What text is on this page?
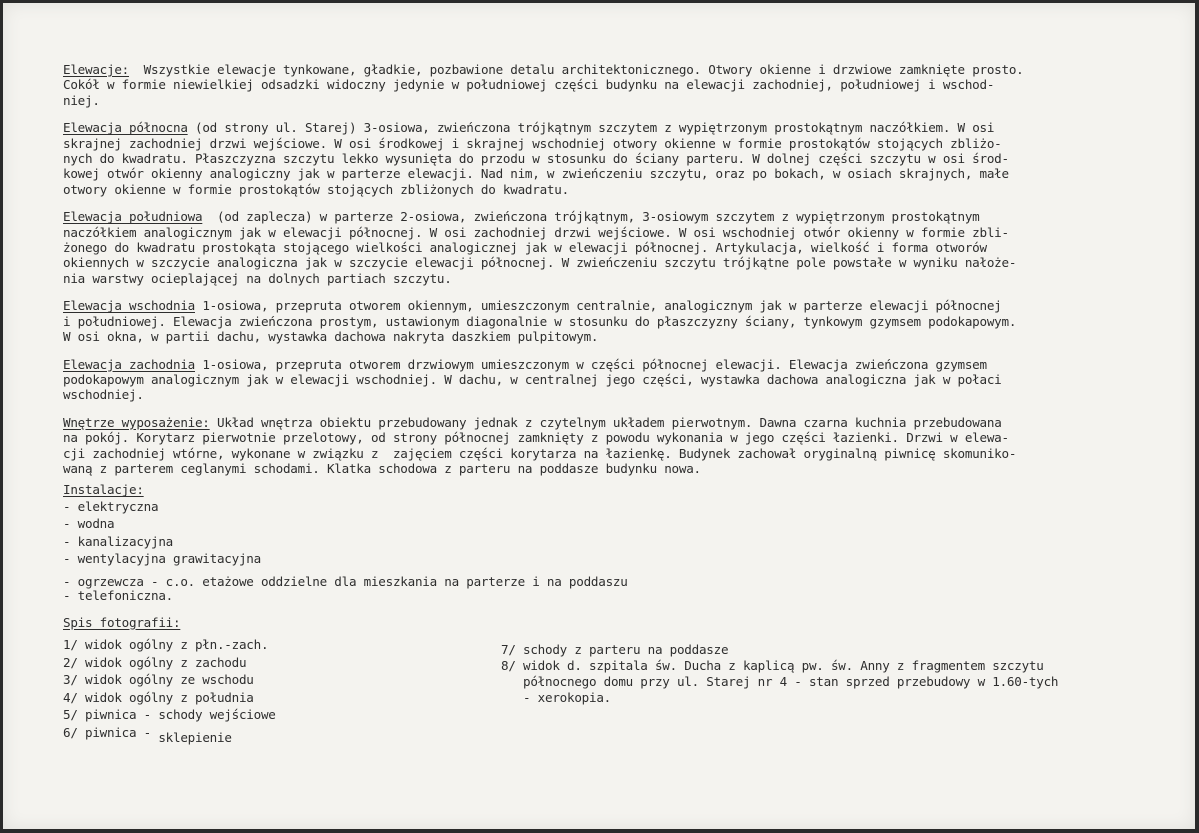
Elewacje:  Wszystkie elewacje tynkowane, gładkie, pozbawione detalu architektonicznego. Otwory okienne i drzwiowe zamknięte prosto.

Cokół w formie niewielkiej odsadzki widoczny jedynie w południowej części budynku na elewacji zachodniej, południowej i wschod-

niej.

Elewacja północna (od strony ul. Starej) 3-osiowa, zwieńczona trójkątnym szczytem z wypiętrzonym prostokątnym naczółkiem. W osi

skrajnej zachodniej drzwi wejściowe. W osi środkowej i skrajnej wschodniej otwory okienne w formie prostokątów stojących zbliżo-

nych do kwadratu. Płaszczyzna szczytu lekko wysunięta do przodu w stosunku do ściany parteru. W dolnej części szczytu w osi środ-

kowej otwór okienny analogiczny jak w parterze elewacji. Nad nim, w zwieńczeniu szczytu, oraz po bokach, w osiach skrajnych, małe

otwory okienne w formie prostokątów stojących zbliżonych do kwadratu.

Elewacja południowa  (od zaplecza) w parterze 2-osiowa, zwieńczona trójkątnym, 3-osiowym szczytem z wypiętrzonym prostokątnym

naczółkiem analogicznym jak w elewacji północnej. W osi zachodniej drzwi wejściowe. W osi wschodniej otwór okienny w formie zbli-

żonego do kwadratu prostokąta stojącego wielkości analogicznej jak w elewacji północnej. Artykulacja, wielkość i forma otworów

okiennych w szczycie analogiczna jak w szczycie elewacji północnej. W zwieńczeniu szczytu trójkątne pole powstałe w wyniku nałoże-

nia warstwy ocieplającej na dolnych partiach szczytu.

Elewacja wschodnia 1-osiowa, przepruta otworem okiennym, umieszczonym centralnie, analogicznym jak w parterze elewacji północnej

i południowej. Elewacja zwieńczona prostym, ustawionym diagonalnie w stosunku do płaszczyzny ściany, tynkowym gzymsem podokapowym.

W osi okna, w partii dachu, wystawka dachowa nakryta daszkiem pulpitowym.

Elewacja zachodnia 1-osiowa, przepruta otworem drzwiowym umieszczonym w części północnej elewacji. Elewacja zwieńczona gzymsem

podokapowym analogicznym jak w elewacji wschodniej. W dachu, w centralnej jego części, wystawka dachowa analogiczna jak w połaci

wschodniej.

Wnętrze wyposażenie: Układ wnętrza obiektu przebudowany jednak z czytelnym układem pierwotnym. Dawna czarna kuchnia przebudowana

na pokój. Korytarz pierwotnie przelotowy, od strony północnej zamknięty z powodu wykonania w jego części łazienki. Drzwi w elewa-

cji zachodniej wtórne, wykonane w związku z  zajęciem części korytarza na łazienkę. Budynek zachował oryginalną piwnicę skomuniko-

waną z parterem ceglanymi schodami. Klatka schodowa z parteru na poddasze budynku nowa.

Instalacje:

- elektryczna

- wodna

- kanalizacyjna

- wentylacyjna grawitacyjna

- ogrzewcza - c.o. etażowe oddzielne dla mieszkania na parterze i na poddaszu

- telefoniczna.

Spis fotografii:

1/ widok ogólny z płn.-zach.

2/ widok ogólny z zachodu

3/ widok ogólny ze wschodu

4/ widok ogólny z południa

5/ piwnica - schody wejściowe

6/ piwnica - sklepienie

7/ schody z parteru na poddasze

8/ widok d. szpitala św. Ducha z kaplicą pw. św. Anny z fragmentem szczytu

północnego domu przy ul. Starej nr 4 - stan sprzed przebudowy w 1.60-tych

- xerokopia.
